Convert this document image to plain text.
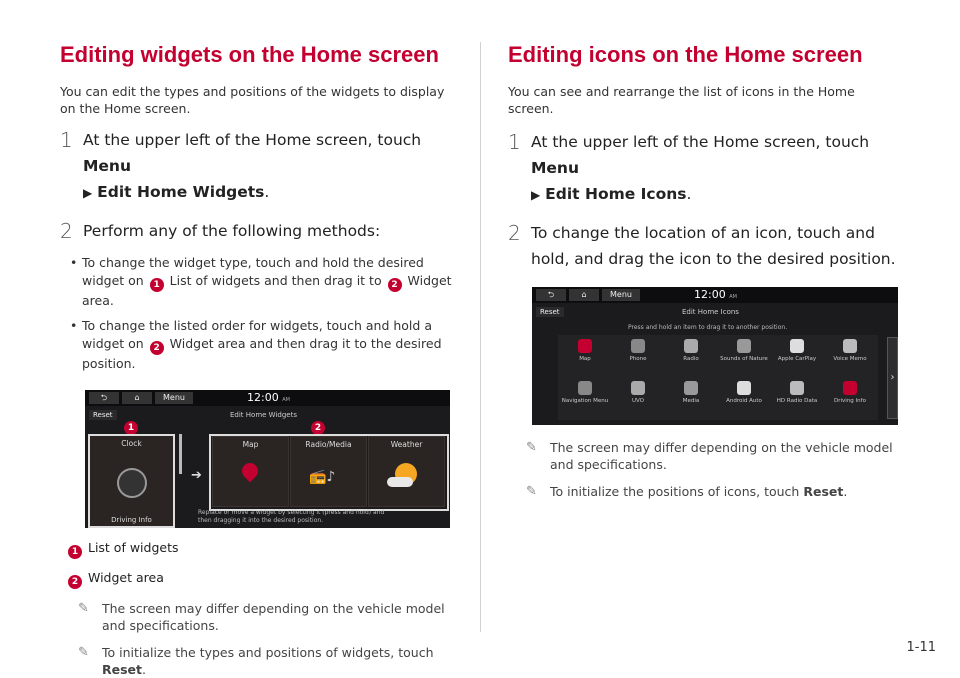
Editing widgets on the Home screen
You can edit the types and positions of the widgets to display on the Home screen.
1 At the upper left of the Home screen, touch Menu
▶ Edit Home Widgets.
2 Perform any of the following methods:
• To change the widget type, touch and hold the desired widget on 1 List of widgets and then drag it to 2 Widget area.
• To change the listed order for widgets, touch and hold a widget on 2 Widget area and then drag it to the desired position.
⮌	⌂	Menu	12:00 AM
Reset	Edit Home Widgets
1	2
Clock
Driving Info
➔
Map	Radio/Media
📻♪
Weather
Replace or move a widget by selecting it (press and hold) and then dragging it into the desired position.
1 List of widgets
2 Widget area
✎ The screen may differ depending on the vehicle model and specifications.
✎ To initialize the types and positions of widgets, touch
Reset.
Editing icons on the Home screen
You can see and rearrange the list of icons in the Home screen.
1 At the upper left of the Home screen, touch Menu
▶ Edit Home Icons.
2 To change the location of an icon, touch and hold, and drag the icon to the desired position.
⮌	⌂	Menu	12:00 AM
Reset	Edit Home Icons
Press and hold an item to drag it to another position.
›
Map	Phone	Radio	Sounds of Nature	Apple CarPlay	Voice Memo
Navigation Menu	UVO	Media	Android Auto	HD Radio Data	Driving Info
✎ The screen may differ depending on the vehicle model and specifications.
✎ To initialize the positions of icons, touch Reset.
1-11
